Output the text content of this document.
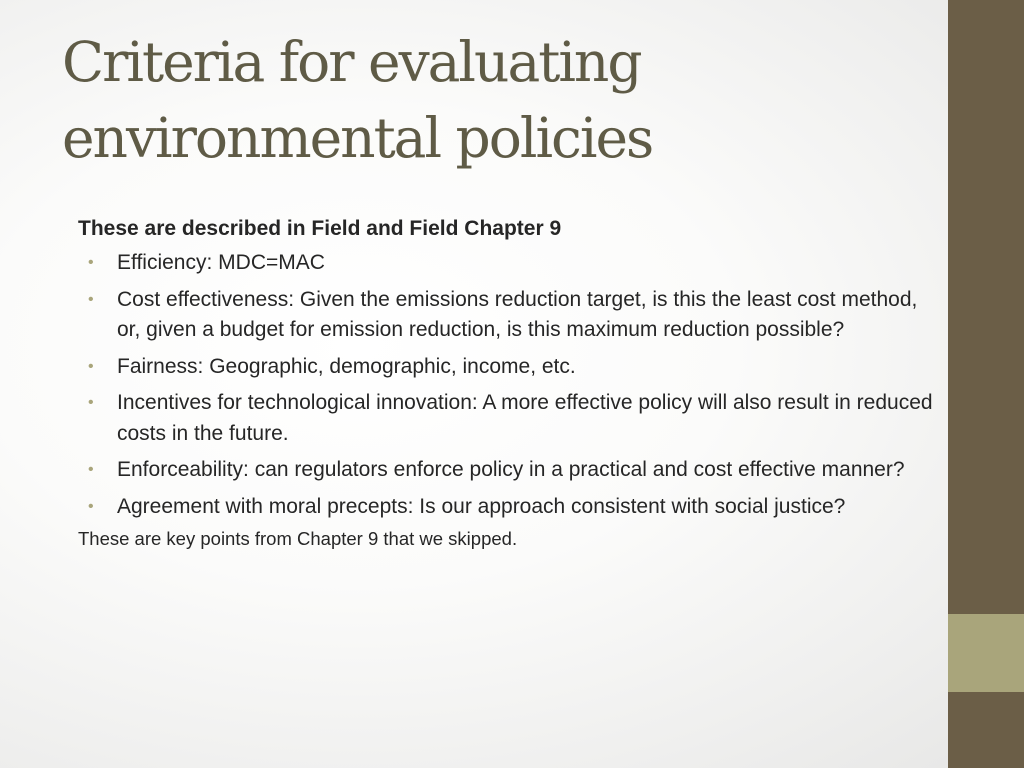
Criteria for evaluating
environmental policies

These are described in Field and Field Chapter 9

• Efficiency: MDC=MAC
• Cost effectiveness: Given the emissions reduction target, is this the least cost method, or, given a budget for emission reduction, is this maximum reduction possible?
• Fairness: Geographic, demographic, income, etc.
• Incentives for technological innovation: A more effective policy will also result in reduced costs in the future.
• Enforceability: can regulators enforce policy in a practical and cost effective manner?
• Agreement with moral precepts: Is our approach consistent with social justice?

These are key points from Chapter 9 that we skipped.
